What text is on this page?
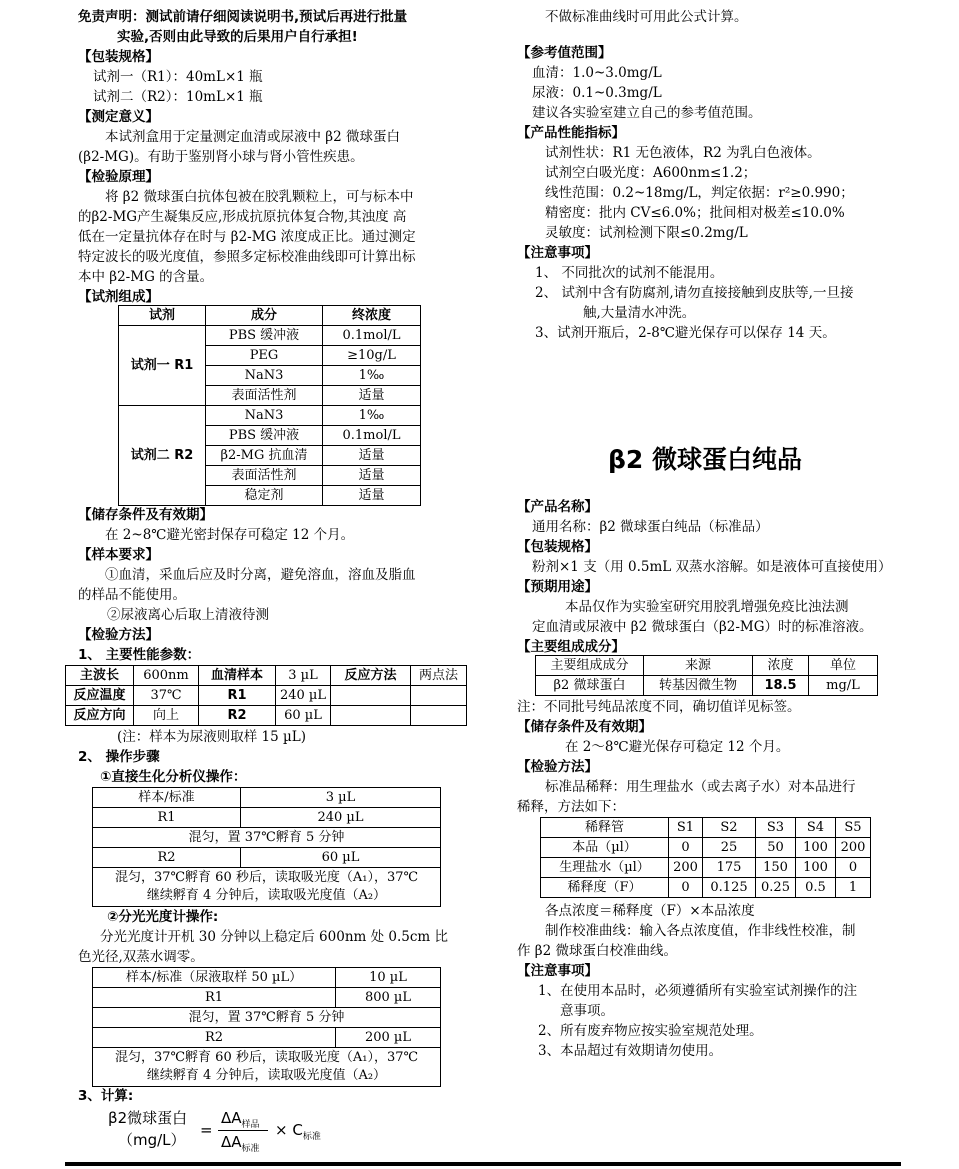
免责声明：测试前请仔细阅读说明书,预试后再进行批量
实验,否则由此导致的后果用户自行承担!
【包装规格】
试剂一（R1）：40mL×1 瓶
试剂二（R2）：10mL×1 瓶
【测定意义】
本试剂盒用于定量测定血清或尿液中 β2 微球蛋白
(β2-MG)。有助于鉴别肾小球与肾小管性疾患。
【检验原理】
将 β2 微球蛋白抗体包被在胶乳颗粒上，可与标本中
的β2-MG产生凝集反应,形成抗原抗体复合物,其浊度 高
低在一定量抗体存在时与 β2-MG 浓度成正比。通过测定
特定波长的吸光度值，参照多定标校准曲线即可计算出标
本中 β2-MG 的含量。
【试剂组成】
试剂	成分	终浓度
试剂一 R1	PBS 缓冲液	0.1mol/L
	PEG	≥10g/L
	NaN3	1‰
	表面活性剂	适量
试剂二 R2	NaN3	1‰
	PBS 缓冲液	0.1mol/L
	β2-MG 抗血清	适量
	表面活性剂	适量
	稳定剂	适量
【储存条件及有效期】
在 2~8℃避光密封保存可稳定 12 个月。
【样本要求】
①血清，采血后应及时分离，避免溶血，溶血及脂血
的样品不能使用。
②尿液离心后取上清液待测
【检验方法】
1、 主要性能参数：
主波长	600nm	血清样本	3 µL	反应方法	两点法
反应温度	37℃	R1	240 µL		
反应方向	向上	R2	60 µL		
(注：样本为尿液则取样 15 µL)
2、 操作步骤
①直接生化分析仪操作：
样本/标准	3 µL
R1	240 µL
混匀，置 37℃孵育 5 分钟	
R2	60 µL

混匀，37℃孵育 60 秒后，读取吸光度（A₁），37℃
继续孵育 4 分钟后，读取吸光度值（A₂）	
②分光光度计操作:
分光光度计开机 30 分钟以上稳定后 600nm 处 0.5cm 比
色光径,双蒸水调零。
样本/标准（尿液取样 50 µL）	10 µL
R1	800 µL
混匀，置 37℃孵育 5 分钟	
R2	200 µL

混匀，37℃孵育 60 秒后，读取吸光度（A₁），37℃
继续孵育 4 分钟后，读取吸光度值（A₂）	
3、计算:
β2微球蛋白
（mg/L）
=
$\Delta A_{样品}$
$\Delta A_{标准}$
× $C_{标准}$
不做标准曲线时可用此公式计算。
【参考值范围】
血清：1.0~3.0mg/L
尿液：0.1~0.3mg/L
建议各实验室建立自己的参考值范围。
【产品性能指标】
试剂性状：R1 无色液体，R2 为乳白色液体。
试剂空白吸光度：A600nm≤1.2；
线性范围：0.2~18mg/L，判定依据：r²≥0.990；
精密度：批内 CV≤6.0%；批间相对极差≤10.0%
灵敏度：试剂检测下限≤0.2mg/L
【注意事项】
1、 不同批次的试剂不能混用。
2、 试剂中含有防腐剂,请勿直接接触到皮肤等,一旦接
触,大量清水冲洗。
3、试剂开瓶后，2-8℃避光保存可以保存 14 天。
β2 微球蛋白纯品
【产品名称】
通用名称：β2 微球蛋白纯品（标准品）
【包装规格】
粉剂×1 支（用 0.5mL 双蒸水溶解。如是液体可直接使用）
【预期用途】
本品仅作为实验室研究用胶乳增强免疫比浊法测
定血清或尿液中 β2 微球蛋白（β2-MG）时的标准溶液。
【主要组成成分】
主要组成成分	来源	浓度	单位
β2 微球蛋白	转基因微生物	18.5	mg/L
注：不同批号纯品浓度不同，确切值详见标签。
【储存条件及有效期】
在 2～8℃避光保存可稳定 12 个月。
【检验方法】
标准品稀释：用生理盐水（或去离子水）对本品进行
稀释，方法如下：
稀释管	S1	S2	S3	S4	S5
本品（µl）	0	25	50	100	200
生理盐水（µl）	200	175	150	100	0
稀释度（F）	0	0.125	0.25	0.5	1
各点浓度＝稀释度（F）×本品浓度
制作校准曲线：输入各点浓度值，作非线性校准，制
作 β2 微球蛋白校准曲线。
【注意事项】
1、在使用本品时，必须遵循所有实验室试剂操作的注
意事项。
2、所有废弃物应按实验室规范处理。
3、本品超过有效期请勿使用。
